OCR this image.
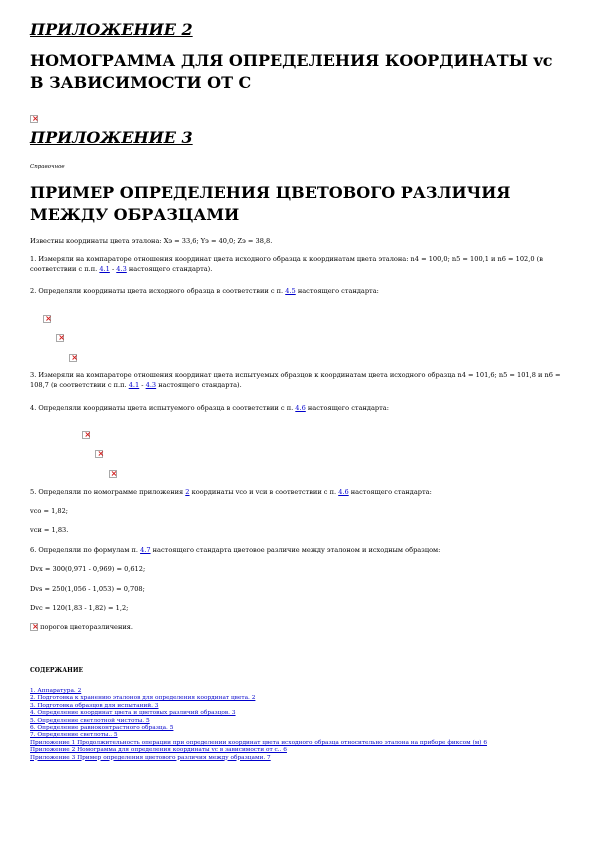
ПРИЛОЖЕНИЕ 2
НОМОГРАММА ДЛЯ ОПРЕДЕЛЕНИЯ КООРДИНАТЫ vc В ЗАВИСИМОСТИ ОТ C
×
ПРИЛОЖЕНИЕ 3

Справочное

ПРИМЕР ОПРЕДЕЛЕНИЯ ЦВЕТОВОГО РАЗЛИЧИЯ МЕЖДУ ОБРАЗЦАМИ

Известны координаты цвета эталона: Xэ = 33,6; Yэ = 40,0; Zэ = 38,8.

1. Измеряли на компараторе отношения координат цвета исходного образца к координатам цвета эталона: n4 = 100,0; n5 = 100,1 и n6 = 102,0 (в соответствии с п.п. 4.1 - 4.3 настоящего стандарта).

2. Определяли координаты цвета исходного образца в соответствии с п. 4.5 настоящего стандарта:

× × ×

3. Измеряли на компараторе отношения координат цвета испытуемых образцов к координатам цвета исходного образца n4 = 101,6; n5 = 101,8 и n6 = 108,7 (в соответствии с п.п. 4.1 - 4.3 настоящего стандарта).

4. Определяли координаты цвета испытуемого образца в соответствии с п. 4.6 настоящего стандарта:

× × ×

5. Определяли по номограмме приложения 2 координаты vcо и vcи в соответствии с п. 4.6 настоящего стандарта:

vco = 1,82;

vcи = 1,83.

6. Определяли по формулам п. 4.7 настоящего стандарта цветовое различие между эталоном и исходным образцом:

Dvx = 300(0,971 - 0,969) = 0,612;

Dvs = 250(1,056 - 1,053) = 0,708;

Dvc = 120(1,83 - 1,82) = 1,2;

× порогов цветоразличения.

СОДЕРЖАНИЕ

1. Аппаратура. 2
2. Подготовка к хранению эталонов для определения координат цвета. 2
3. Подготовка образцов для испытаний. 3
4. Определение координат цвета и цветовых различий образцов. 3
5. Определение светлотной чистоты. 5
6. Определение равноконтрастного образца. 5
7. Определение светлоты.. 5
Приложение 1 Продолжительность операции при определении координат цвета исходного образца относительно эталона на приборе фиксом (м) 6
Приложение 2 Номограмма для определения координаты vc в зависимости от с.. 6
Приложение 3 Пример определения цветового различия между образцами. 7
